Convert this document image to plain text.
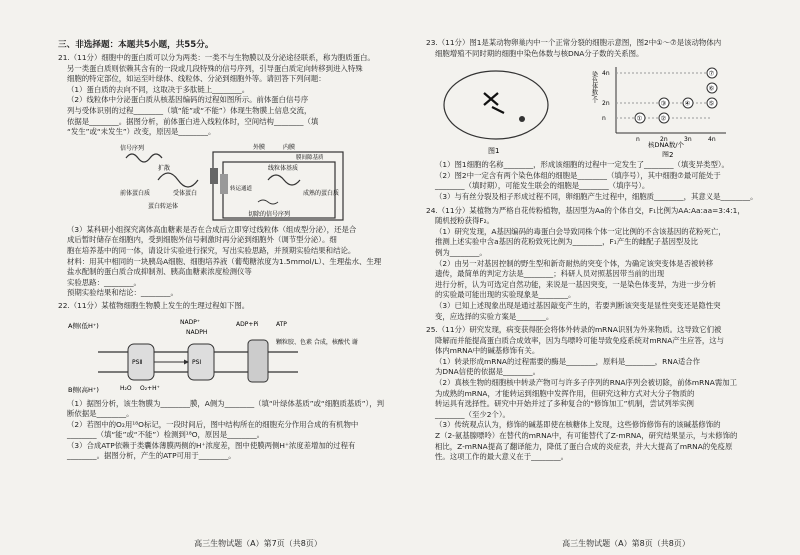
三、非选择题：本题共5小题，共55分。

21.（11分）细胞中的蛋白质可以分为两类：一类不与生物膜以及分泌途径联系，称为胞质蛋白。

另一类蛋白质则依赖其含有的一段或几段特殊的信号序列，引导蛋白质定向转移到进入特殊

细胞的特定部位，如运至叶绿体、线粒体、分泌到细胞外等。请回答下列问题：

（1）蛋白质的去向不同，这取决于多肽链上________。

（2）线粒体中分泌蛋白质从核基因编码的过程如图所示。前体蛋白信号序

列与受体识别的过程________（填“能”或“不能”）体现生物膜上信息交流，

依据是________。据图分析，前体蛋白进入线粒体时，空间结构________（填

“发生”或“未发生”）改变，原因是________。

信号序列
扩散
外膜	内膜
膜间隙基质
线粒体基质
前体蛋白质	受体蛋白
蛋白转运体
转运通道
成熟的蛋白质
切除的信号序列

（3）某科研小组探究离体高血糖素是否在合成后立即穿过线粒体（组成型分泌），还是合

成后暂时储存在细胞内，受到细胞外信号刺激时再分泌到细胞外（调节型分泌）。细

胞在培养基中的同一体，请设计实验进行探究，写出实验思路，并预期实验结果和结论。

材料：用其中相同的一块胰岛A细胞、细胞培养液（葡萄糖浓度为1.5mmol/L）、生理盐水、生理

盐水配制的蛋白质合成抑制剂、胰高血糖素浓度检测仪等

实验思路：________。

预期实验结果和结论：________。

22.（11分）某植物细胞生物膜上发生的生理过程如下图。

A侧(低H⁺)
B侧(高H⁺)
NADP⁺
NADPH
ADP+Pi	ATP
颗粒胶、色素 合成，核酸代 谢
H₂O O₂+H⁺
PSⅡ	PSⅠ

（1）据图分析，该生物膜为________膜，A侧为________（填“叶绿体基质”或“细胞质基质”），判断依据是________。

（2）若图中的O₂用¹⁸O标记，一段时间后，图中结构所在的细胞充分作用合成的有机物中________（填“能”或“不能”）检测到¹⁸O，原因是________。

（3）合成ATP依赖于类囊体薄膜两侧的H⁺浓度差，图中使膜两侧H⁺浓度差增加的过程有________。据图分析，产生的ATP可用于________。

高三生物试题（A）第7页（共8页）

23.（11分）图1是某动物卵巢内中一个正常分裂的细胞示意图，图2中①～⑦是该动物体内

细胞增殖不同时期的细胞中染色体数与核DNA分子数的关系图。

图1
4n
2n
n
n	2n	3n	4n
①	②
③	④	⑤
⑥
⑦
染色体数/个
核DNA数/个
图2

（1）图1细胞的名称________，形成该细胞的过程中一定发生了________（填变异类型）。

（2）图2中一定含有两个染色体组的细胞是________（填序号），其中细胞⑦最可能处于

________（填时期），可能发生联会的细胞是________（填序号）。

（3）与有丝分裂及相子形成过程不同，卵细胞产生过程中，细胞质________，其意义是________。

24.（11分）某植物为严格自花传粉植物，基因型为Aa的个体自交，F₁比例为AA:Aa:aa=3:4:1，

随机授粉获得F₂。

（1）研究发现，A基因编码的毒蛋白会导致同株个体一定比例的不含该基因的花粉死亡，

推测上述实验中含a基因的花粉致死比例为________，F₁产生的雌配子基因型及比

例为________。

（2）由另一对基因控制的野生型和新奇耐热的突变个体，为确定该突变体是否被转移

遗传，最简单的判定方法是________；科研人员对照基因带当前的出现

进行分析，认为可选定自然功能，来说是一基因突变，一是染色体变异，为进一步分析

的实验最可能出现的实验现象是________。

（3）已知上述现象出现是通过基因敲变产生的，若要判断该突变是显性突变还是隐性突

变，应选择的实验方案是________。

25.（11分）研究发现，病变获得胚会将体外转录的mRNA识别为外来物质。这导致它们被

降解而并能提高蛋白质合成效率，因为鸟嘌呤可能导致免疫系统对mRNA产生应答，这与

体内mRNA中的碱基修饰有关。

（1）转录形成mRNA的过程需要的酶是________，原料是________，RNA适合作

为DNA信使的依据是________。

（2）真核生物的细胞核中转录产物可与许多子序列的RNA序列会被切除，前体mRNA需加工

为成熟的mRNA，才能转运到细胞中发挥作用，但研究这种方式对大分子物质的

转运具有选择性。研究中开始并过了多种复合的“修饰加工”机制，尝试列举实例

________（至少2个）。

（3）传统观点认为，修饰的碱基即使在核糖体上发现，这些修饰修饰有的该碱基修饰的

Z（2-氨基腺嘌呤）在替代的mRNA中，有可能替代了Z-mRNA，研究结果显示，与未修饰的

相比，Z-mRNA提高了翻译能力，降低了蛋白合成的炎症表，并大大提高了mRNA的免疫原

性。这项工作的最大意义在于________。

高三生物试题（A）第8页（共8页）
